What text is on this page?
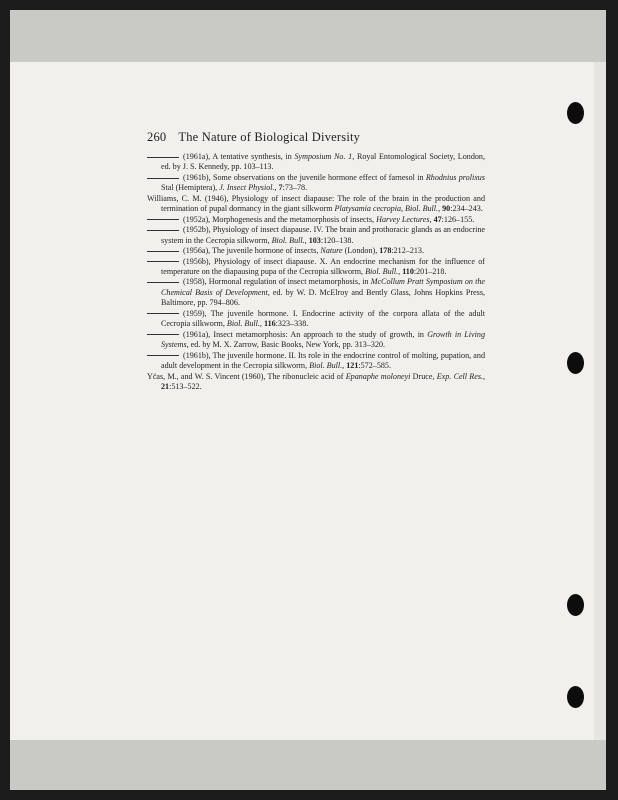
260 The Nature of Biological Diversity
(1961a), A tentative synthesis, in Symposium No. 1, Royal Entomological Society, London, ed. by J. S. Kennedy, pp. 103–113.
(1961b), Some observations on the juvenile hormone effect of farnesol in Rhodnius prolixus Stal (Hemiptera), J. Insect Physiol., 7:73–78.
Williams, C. M. (1946), Physiology of insect diapause: The role of the brain in the production and termination of pupal dormancy in the giant silkworm Platysamia cecropia, Biol. Bull., 90:234–243.
(1952a), Morphogenesis and the metamorphosis of insects, Harvey Lectures, 47:126–155.
(1952b), Physiology of insect diapause. IV. The brain and prothoracic glands as an endocrine system in the Cecropia silkworm, Biol. Bull., 103:120–138.
(1956a), The juvenile hormone of insects, Nature (London), 178:212–213.
(1956b), Physiology of insect diapause. X. An endocrine mechanism for the influence of temperature on the diapausing pupa of the Cecropia silkworm, Biol. Bull., 110:201–218.
(1958), Hormonal regulation of insect metamorphosis, in McCollum Pratt Symposium on the Chemical Basis of Development, ed. by W. D. McElroy and Bently Glass, Johns Hopkins Press, Baltimore, pp. 794–806.
(1959), The juvenile hormone. I. Endocrine activity of the corpora allata of the adult Cecropia silkworm, Biol. Bull., 116:323–338.
(1961a), Insect metamorphosis: An approach to the study of growth, in Growth in Living Systems, ed. by M. X. Zarrow, Basic Books, New York, pp. 313–320.
(1961b), The juvenile hormone. II. Its role in the endocrine control of molting, pupation, and adult development in the Cecropia silkworm, Biol. Bull., 121:572–585.
Yc̈as, M., and W. S. Vincent (1960), The ribonucleic acid of Epanaphe moloneyi Druce, Exp. Cell Res., 21:513–522.
